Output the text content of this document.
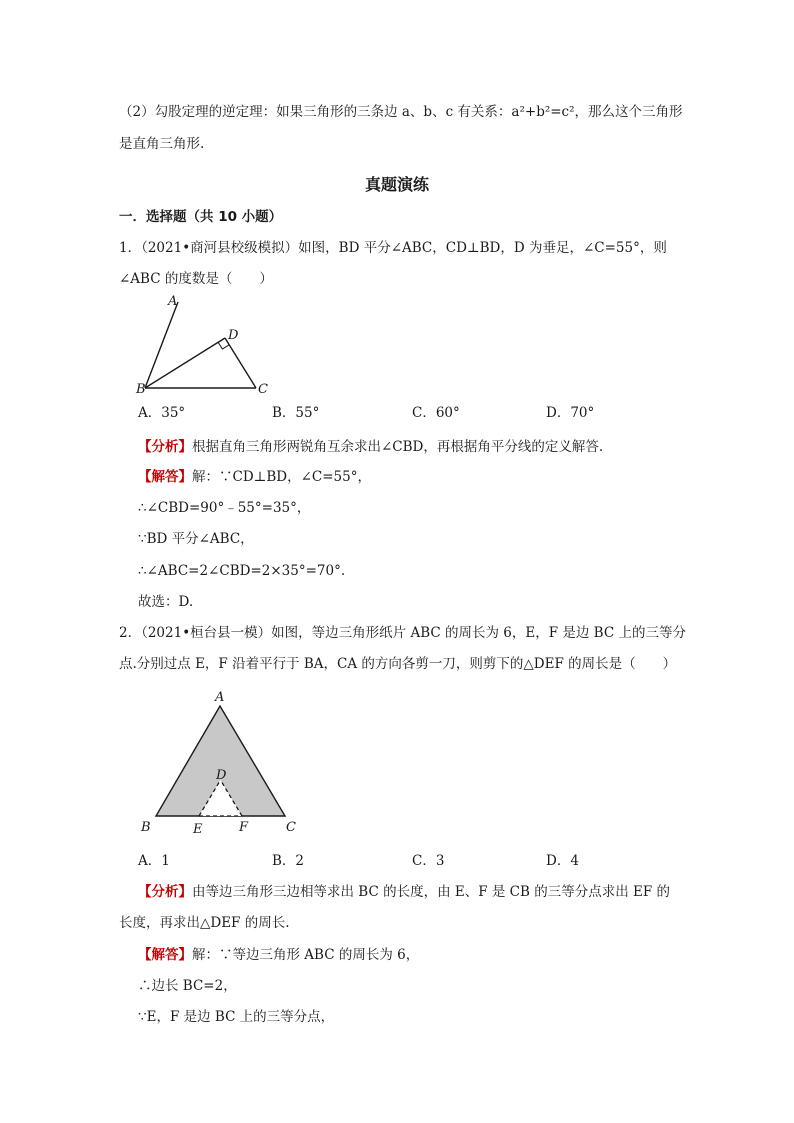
（2）勾股定理的逆定理：如果三角形的三条边 a、b、c 有关系：a²+b²=c²，那么这个三角形
是直角三角形.
真题演练
一．选择题（共 10 小题）
1．（2021•商河县校级模拟）如图，BD 平分∠ABC，CD⊥BD，D 为垂足，∠C=55°，则
∠ABC 的度数是（　　）
A
D
B	C
A．35°	B．55°	C．60°	D．70°
【分析】根据直角三角形两锐角互余求出∠CBD，再根据角平分线的定义解答.
【解答】解：∵CD⊥BD，∠C=55°，
∴∠CBD=90°﹣55°=35°，
∵BD 平分∠ABC，
∴∠ABC=2∠CBD=2×35°=70°.
故选：D.
2．（2021•桓台县一模）如图，等边三角形纸片 ABC 的周长为 6，E，F 是边 BC 上的三等分
点.分别过点 E，F 沿着平行于 BA，CA 的方向各剪一刀，则剪下的△DEF 的周长是（　　）
A
D
B	E	F	C
A．1	B．2	C．3	D．4
【分析】由等边三角形三边相等求出 BC 的长度，由 E、F 是 CB 的三等分点求出 EF 的
长度，再求出△DEF 的周长.
【解答】解：∵等边三角形 ABC 的周长为 6，
∴边长 BC=2，
∵E，F 是边 BC 上的三等分点，
